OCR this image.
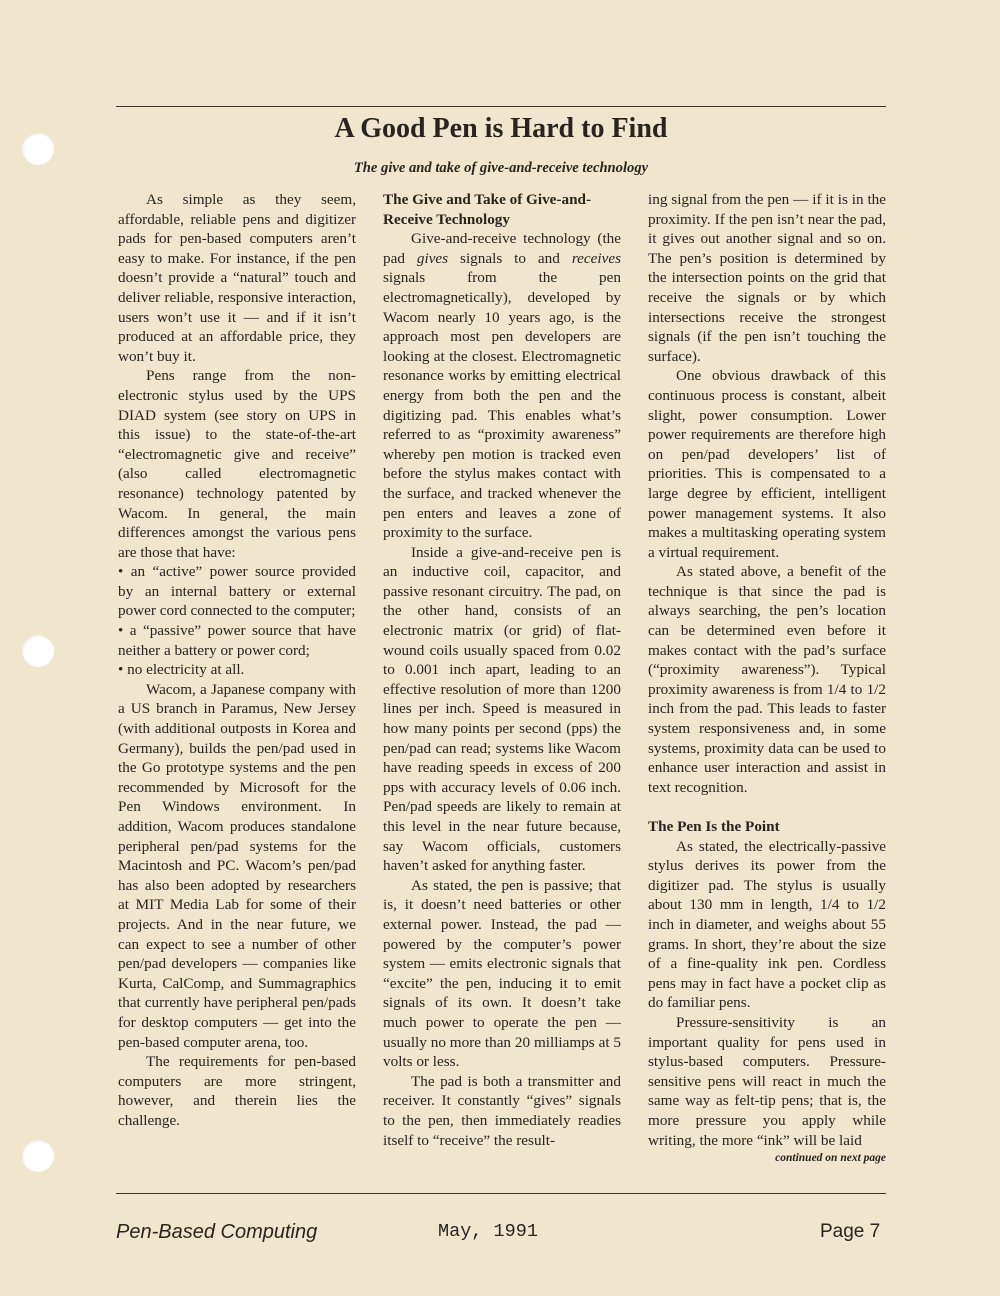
A Good Pen is Hard to Find

The give and take of give-and-receive technology

As simple as they seem, affordable, reliable pens and digitizer pads for pen-based computers aren’t easy to make. For instance, if the pen doesn’t provide a “natural” touch and deliver reliable, responsive interaction, users won’t use it — and if it isn’t produced at an affordable price, they won’t buy it.

Pens range from the non-electronic stylus used by the UPS DIAD system (see story on UPS in this issue) to the state-of-the-art “electromagnetic give and receive” (also called electromagnetic resonance) technology patented by Wacom. In general, the main differences amongst the various pens are those that have:

• an “active” power source provided by an internal battery or external power cord connected to the computer;

• a “passive” power source that have neither a battery or power cord;

• no electricity at all.

Wacom, a Japanese company with a US branch in Paramus, New Jersey (with additional outposts in Korea and Germany), builds the pen/pad used in the Go prototype systems and the pen recommended by Microsoft for the Pen Windows environment. In addition, Wacom produces standalone peripheral pen/pad systems for the Macintosh and PC. Wacom’s pen/pad has also been adopted by researchers at MIT Media Lab for some of their projects. And in the near future, we can expect to see a number of other pen/pad developers — companies like Kurta, CalComp, and Summagraphics that currently have peripheral pen/pads for desktop computers — get into the pen-based computer arena, too.

The requirements for pen-based computers are more stringent, however, and therein lies the challenge.

The Give and Take of Give-and-Receive Technology

Give-and-receive technology (the pad gives signals to and receives signals from the pen electromagnetically), developed by Wacom nearly 10 years ago, is the approach most pen developers are looking at the closest. Electromagnetic resonance works by emitting electrical energy from both the pen and the digitizing pad. This enables what’s referred to as “proximity awareness” whereby pen motion is tracked even before the stylus makes contact with the surface, and tracked whenever the pen enters and leaves a zone of proximity to the surface.

Inside a give-and-receive pen is an inductive coil, capacitor, and passive resonant circuitry. The pad, on the other hand, consists of an electronic matrix (or grid) of flat-wound coils usually spaced from 0.02 to 0.001 inch apart, leading to an effective resolution of more than 1200 lines per inch. Speed is measured in how many points per second (pps) the pen/pad can read; systems like Wacom have reading speeds in excess of 200 pps with accuracy levels of 0.06 inch. Pen/pad speeds are likely to remain at this level in the near future because, say Wacom officials, customers haven’t asked for anything faster.

As stated, the pen is passive; that is, it doesn’t need batteries or other external power. Instead, the pad — powered by the computer’s power system — emits electronic signals that “excite” the pen, inducing it to emit signals of its own. It doesn’t take much power to operate the pen — usually no more than 20 milliamps at 5 volts or less.

The pad is both a transmitter and receiver. It constantly “gives” signals to the pen, then immediately readies itself to “receive” the result-

ing signal from the pen — if it is in the proximity. If the pen isn’t near the pad, it gives out another signal and so on. The pen’s position is determined by the intersection points on the grid that receive the signals or by which intersections receive the strongest signals (if the pen isn’t touching the surface).

One obvious drawback of this continuous process is constant, albeit slight, power consumption. Lower power requirements are therefore high on pen/pad developers’ list of priorities. This is compensated to a large degree by efficient, intelligent power management systems. It also makes a multitasking operating system a virtual requirement.

As stated above, a benefit of the technique is that since the pad is always searching, the pen’s location can be determined even before it makes contact with the pad’s surface (“proximity awareness”). Typical proximity awareness is from 1/4 to 1/2 inch from the pad. This leads to faster system responsiveness and, in some systems, proximity data can be used to enhance user interaction and assist in text recognition.

The Pen Is the Point

As stated, the electrically-passive stylus derives its power from the digitizer pad. The stylus is usually about 130 mm in length, 1/4 to 1/2 inch in diameter, and weighs about 55 grams. In short, they’re about the size of a fine-quality ink pen. Cordless pens may in fact have a pocket clip as do familiar pens.

Pressure-sensitivity is an important quality for pens used in stylus-based computers. Pressure-sensitive pens will react in much the same way as felt-tip pens; that is, the more pressure you apply while writing, the more “ink” will be laid

continued on next page
Pen-Based Computing	May, 1991	Page 7
